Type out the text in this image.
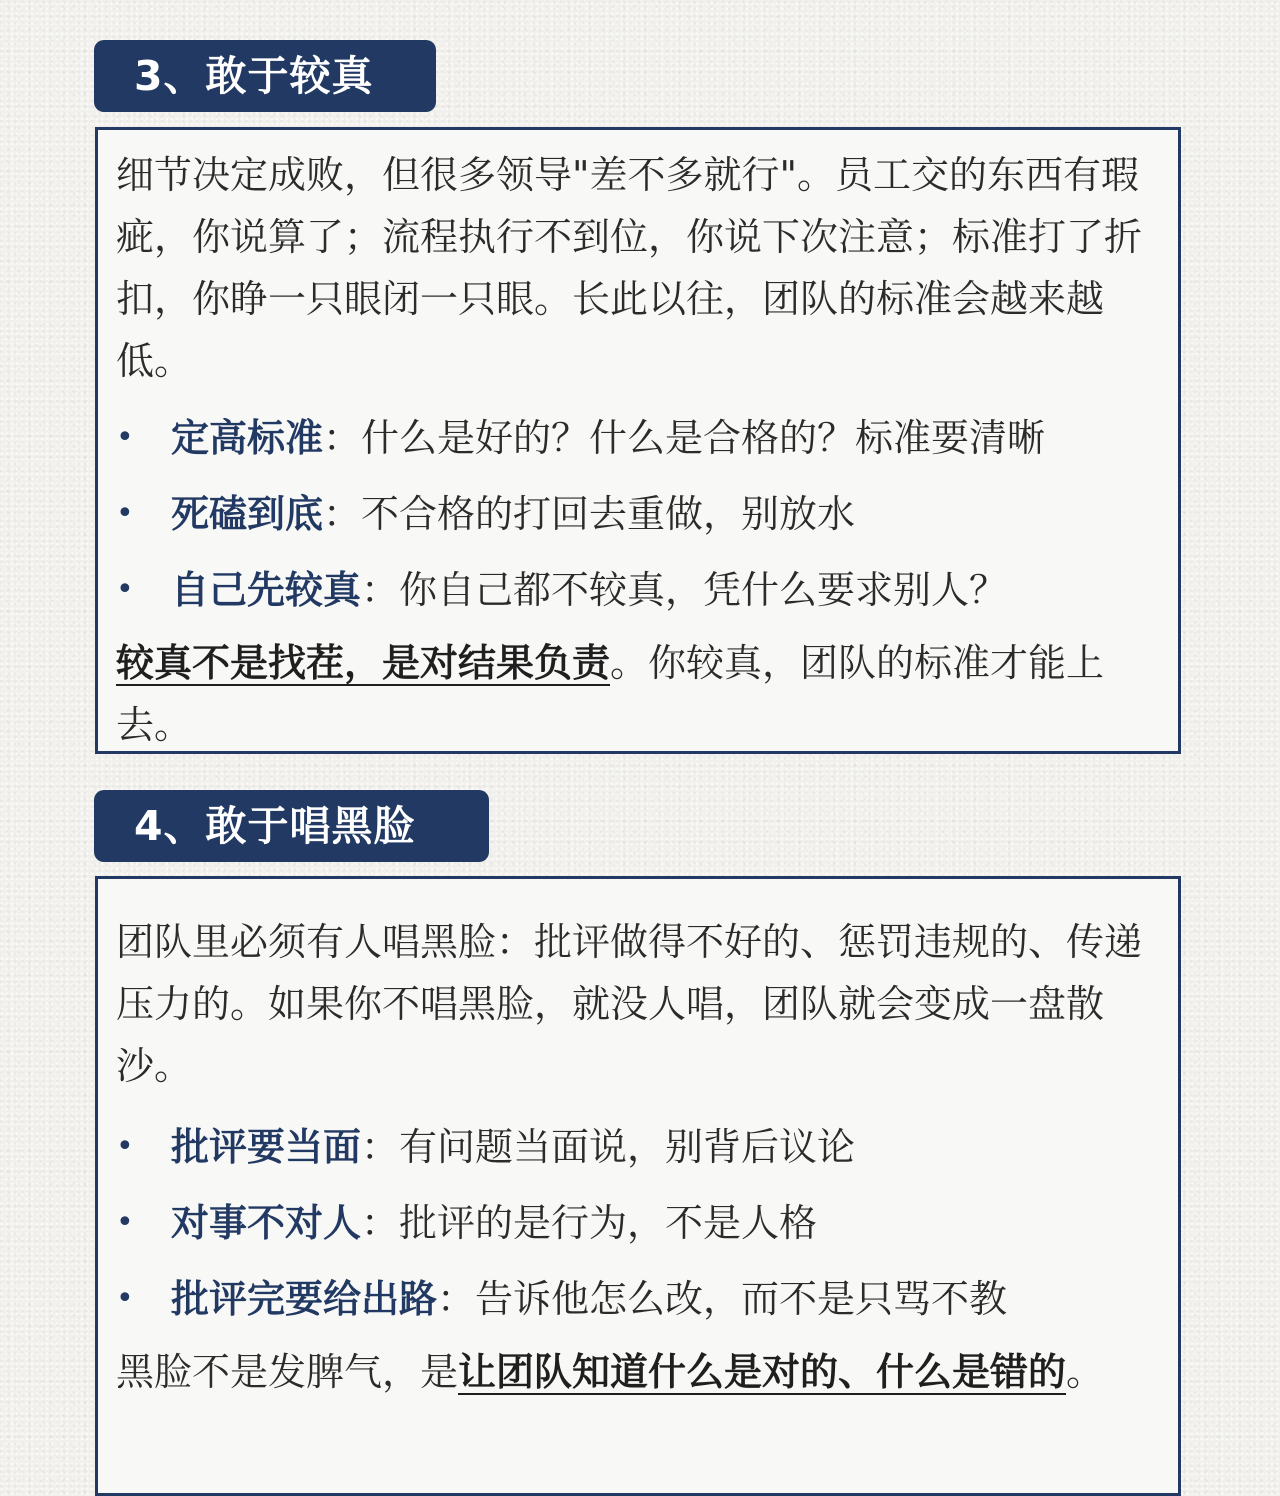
3、敢于较真

细节决定成败，但很多领导"差不多就行"。员工交的东西有瑕疵，你说算了；流程执行不到位，你说下次注意；标准打了折扣，你睁一只眼闭一只眼。长此以往，团队的标准会越来越低。

• 定高标准：什么是好的？什么是合格的？标准要清晰
• 死磕到底：不合格的打回去重做，别放水
• 自己先较真：你自己都不较真，凭什么要求别人？

较真不是找茬，是对结果负责。你较真，团队的标准才能上去。

4、敢于唱黑脸

团队里必须有人唱黑脸：批评做得不好的、惩罚违规的、传递压力的。如果你不唱黑脸，就没人唱，团队就会变成一盘散沙。

• 批评要当面：有问题当面说，别背后议论
• 对事不对人：批评的是行为，不是人格
• 批评完要给出路：告诉他怎么改，而不是只骂不教

黑脸不是发脾气，是让团队知道什么是对的、什么是错的。
